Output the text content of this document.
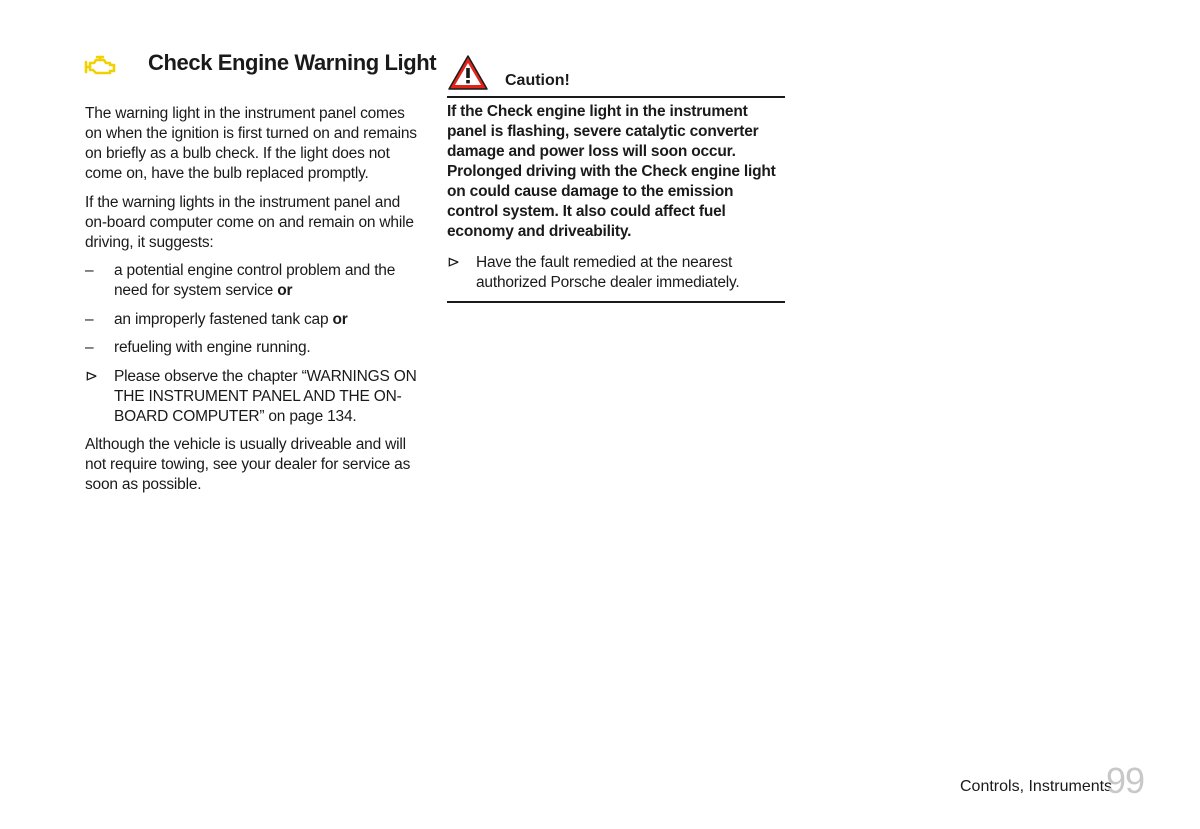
Check Engine Warning Light

The warning light in the instrument panel comes on when the ignition is first turned on and remains on briefly as a bulb check. If the light does not come on, have the bulb replaced promptly.

If the warning lights in the instrument panel and on-board computer come on and remain on while driving, it suggests:

–	a potential engine control problem and the need for system service or
–	an improperly fastened tank cap or
–	refueling with engine running.
⊳	Please observe the chapter “WARNINGS ON THE INSTRUMENT PANEL AND THE ON-BOARD COMPUTER” on page 134.

Although the vehicle is usually driveable and will not require towing, see your dealer for service as soon as possible.

Caution!

If the Check engine light in the instrument panel is flashing, severe catalytic converter damage and power loss will soon occur. Prolonged driving with the Check engine light on could cause damage to the emission control system. It also could affect fuel economy and driveability.

⊳	Have the fault remedied at the nearest authorized Porsche dealer immediately.
Controls, Instruments
99
